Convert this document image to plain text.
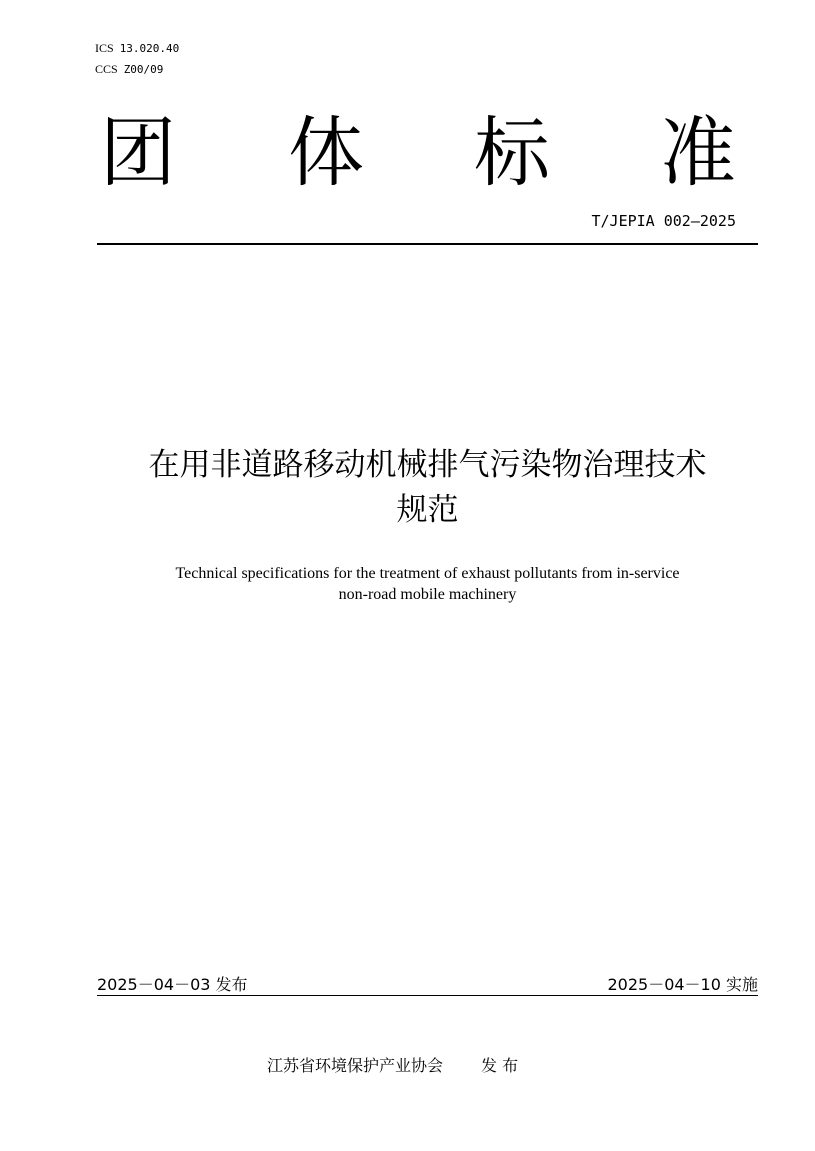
ICS 13.020.40
CCS Z00/09
团 体 标 准
T/JEPIA 002—2025
在用非道路移动机械排气污染物治理技术
规范
Technical specifications for the treatment of exhaust pollutants from in-service
non-road mobile machinery
2025－04－03 发布	2025－04－10 实施
江苏省环境保护产业协会 发 布
